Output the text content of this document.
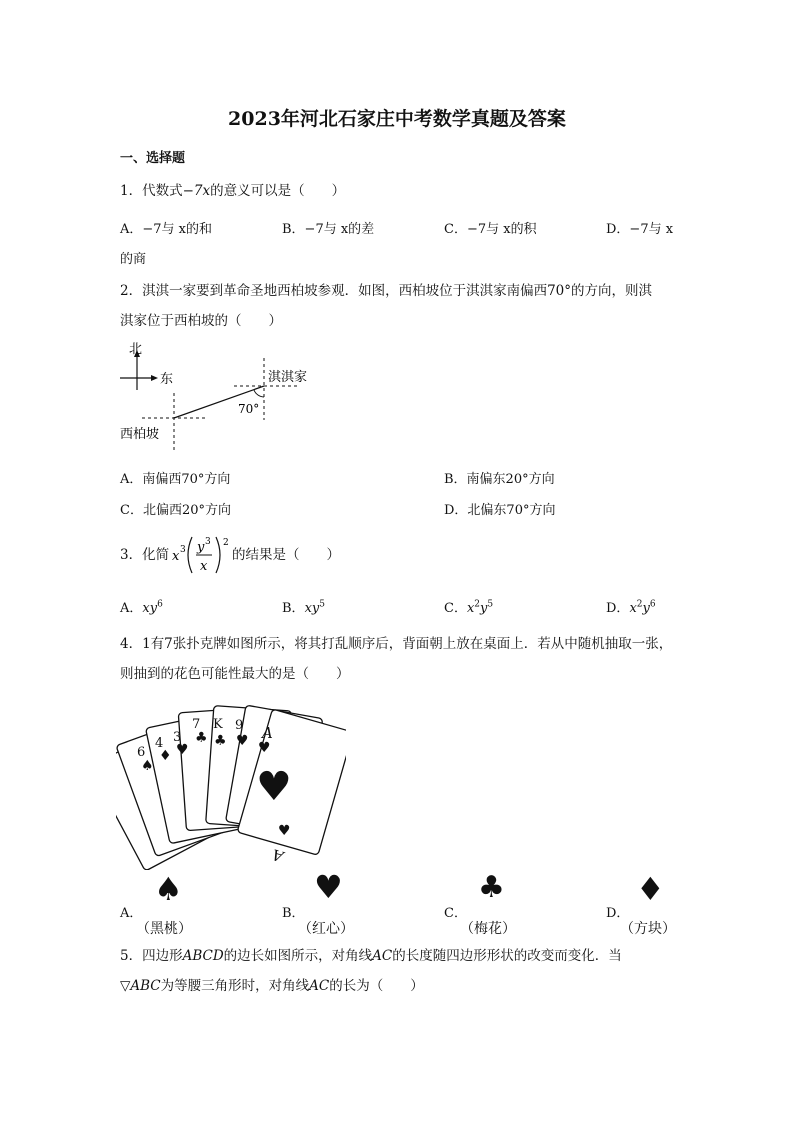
2023年河北石家庄中考数学真题及答案
一、选择题
1．代数式−7x的意义可以是（　　）
A．−7与 x的和	B．−7与 x的差	C．−7与 x的积	D．−7与 x
的商
2．淇淇一家要到革命圣地西柏坡参观．如图，西柏坡位于淇淇家南偏西70°的方向，则淇
淇家位于西柏坡的（　　）
北
东	淇淇家
70°
西柏坡
A．南偏西70°方向	B．南偏东20°方向
C．北偏西20°方向	D．北偏东70°方向
3．化简 x 3 y 3
x
2
的结果是（　　）
A．$xy^6$	B．$xy^5$	C．$x^2y^5$	D．$x^2y^6$
4．1有7张扑克牌如图所示，将其打乱顺序后，背面朝上放在桌面上．若从中随机抽取一张，
则抽到的花色可能性最大的是（　　）
6
4 3
7 K 9 A
♠
♦ ♥
♣ ♣ ♥ ♥
♥
♥
A
A．
♠
（黑桃）
B．
♥
（红心）
C．
♣
（梅花）
D．
♦
（方块）
5．四边形ABCD的边长如图所示，对角线AC的长度随四边形形状的改变而变化．当
▽ABC为等腰三角形时，对角线AC的长为（　　）
